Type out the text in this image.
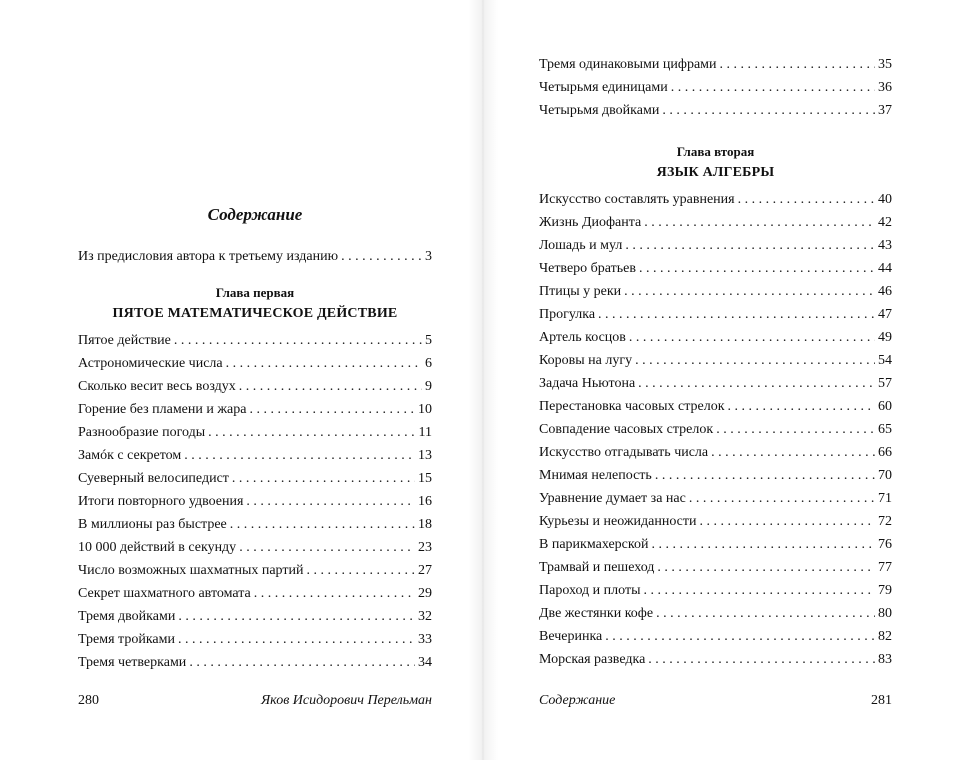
Содержание
Из предисловия автора к третьему изданию . . .	3
Глава первая
ПЯТОЕ МАТЕМАТИЧЕСКОЕ ДЕЙСТВИЕ
Пятое действие . . .	5
Астрономические числа . . .	6
Сколько весит весь воздух . . .	9
Горение без пламени и жара . . .	10
Разнообразие погоды . . .	11
Замóк с секретом . . .	13
Суеверный велосипедист . . .	15
Итоги повторного удвоения . . .	16
В миллионы раз быстрее . . .	18
10 000 действий в секунду . . .	23
Число возможных шахматных партий . . .	27
Секрет шахматного автомата . . .	29
Тремя двойками . . .	32
Тремя тройками . . .	33
Тремя четверками . . .	34
280	Яков Исидорович Перельман
Тремя одинаковыми цифрами . . .	35
Четырьмя единицами . . .	36
Четырьмя двойками . . .	37
Глава вторая
ЯЗЫК АЛГЕБРЫ
Искусство составлять уравнения . . .	40
Жизнь Диофанта . . .	42
Лошадь и мул . . .	43
Четверо братьев . . .	44
Птицы у реки . . .	46
Прогулка . . .	47
Артель косцов . . .	49
Коровы на лугу . . .	54
Задача Ньютона . . .	57
Перестановка часовых стрелок . . .	60
Совпадение часовых стрелок . . .	65
Искусство отгадывать числа . . .	66
Мнимая нелепость . . .	70
Уравнение думает за нас . . .	71
Курьезы и неожиданности . . .	72
В парикмахерской . . .	76
Трамвай и пешеход . . .	77
Пароход и плоты . . .	79
Две жестянки кофе . . .	80
Вечеринка . . .	82
Морская разведка . . .	83
Содержание	281
